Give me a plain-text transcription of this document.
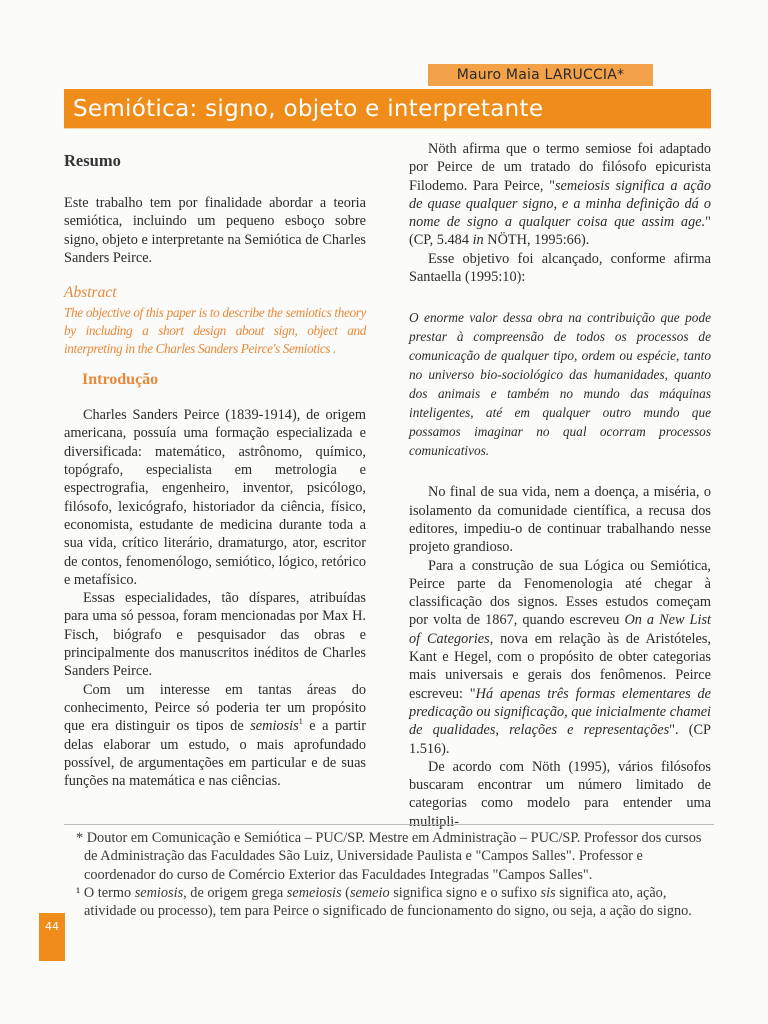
Mauro Maia LARUCCIA*
Semiótica: signo, objeto e interpretante
Resumo

Este trabalho tem por finalidade abordar a teoria semiótica, incluindo um pequeno esboço sobre signo, objeto e interpretante na Semiótica de Charles Sanders Peirce.

Abstract

The objective of this paper is to describe the semiotics theory by including a short design about sign, object and interpreting in the Charles Sanders Peirce's Semiotics .

Introdução

Charles Sanders Peirce (1839-1914), de origem americana, possuía uma formação especializada e diversificada: matemático, astrônomo, químico, topógrafo, especialista em metrologia e espectrografia, engenheiro, inventor, psicólogo, filósofo, lexicógrafo, historiador da ciência, físico, economista, estudante de medicina durante toda a sua vida, crítico literário, dramaturgo, ator, escritor de contos, fenomenólogo, semiótico, lógico, retórico e metafísico.

Essas especialidades, tão díspares, atribuídas para uma só pessoa, foram mencionadas por Max H. Fisch, biógrafo e pesquisador das obras e principalmente dos manuscritos inéditos de Charles Sanders Peirce.

Com um interesse em tantas áreas do conhecimento, Peirce só poderia ter um propósito que era distinguir os tipos de semiosis$^1$ e a partir delas elaborar um estudo, o mais aprofundado possível, de argumentações em particular e de suas funções na matemática e nas ciências.

Nöth afirma que o termo semiose foi adaptado por Peirce de um tratado do filósofo epicurista Filodemo. Para Peirce, "semeiosis significa a ação de quase qualquer signo, e a minha definição dá o nome de signo a qualquer coisa que assim age." (CP, 5.484 in NÖTH, 1995:66).

Esse objetivo foi alcançado, conforme afirma Santaella (1995:10):

O enorme valor dessa obra na contribuição que pode prestar à compreensão de todos os processos de comunicação de qualquer tipo, ordem ou espécie, tanto no universo bio-sociológico das humanidades, quanto dos animais e também no mundo das máquinas inteligentes, até em qualquer outro mundo que possamos imaginar no qual ocorram processos comunicativos.

No final de sua vida, nem a doença, a miséria, o isolamento da comunidade científica, a recusa dos editores, impediu-o de continuar trabalhando nesse projeto grandioso.

Para a construção de sua Lógica ou Semiótica, Peirce parte da Fenomenologia até chegar à classificação dos signos. Esses estudos começam por volta de 1867, quando escreveu On a New List of Categories, nova em relação às de Aristóteles, Kant e Hegel, com o propósito de obter categorias mais universais e gerais dos fenômenos. Peirce escreveu: "Há apenas três formas elementares de predicação ou significação, que inicialmente chamei de qualidades, relações e representações". (CP 1.516).

De acordo com Nöth (1995), vários filósofos buscaram encontrar um número limitado de categorias como modelo para entender uma multipli-

* Doutor em Comunicação e Semiótica – PUC/SP. Mestre em Administração – PUC/SP. Professor dos cursos de Administração das Faculdades São Luiz, Universidade Paulista e "Campos Salles". Professor e coordenador do curso de Comércio Exterior das Faculdades Integradas "Campos Salles".

¹ O termo semiosis, de origem grega semeiosis (semeio significa signo e o sufixo sis significa ato, ação, atividade ou processo), tem para Peirce o significado de funcionamento do signo, ou seja, a ação do signo.

44
